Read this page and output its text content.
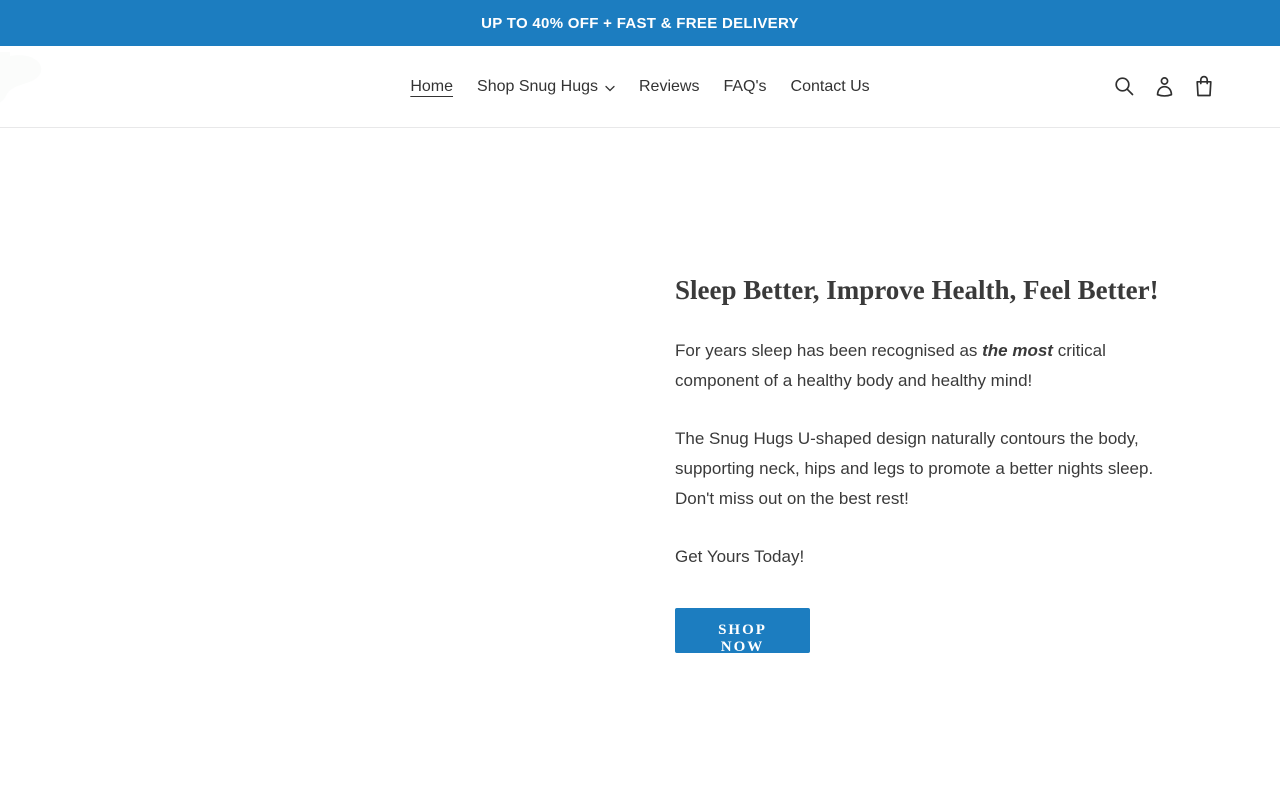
UP TO 40% OFF + FAST & FREE DELIVERY

Home Shop Snug Hugs	Reviews FAQ's Contact Us
Sleep Better, Improve Health, Feel Better!

For years sleep has been recognised as the most critical component of a healthy body and healthy mind!

The Snug Hugs U-shaped design naturally contours the body, supporting neck, hips and legs to promote a better nights sleep. Don't miss out on the best rest!

Get Yours Today!

SHOP NOW
